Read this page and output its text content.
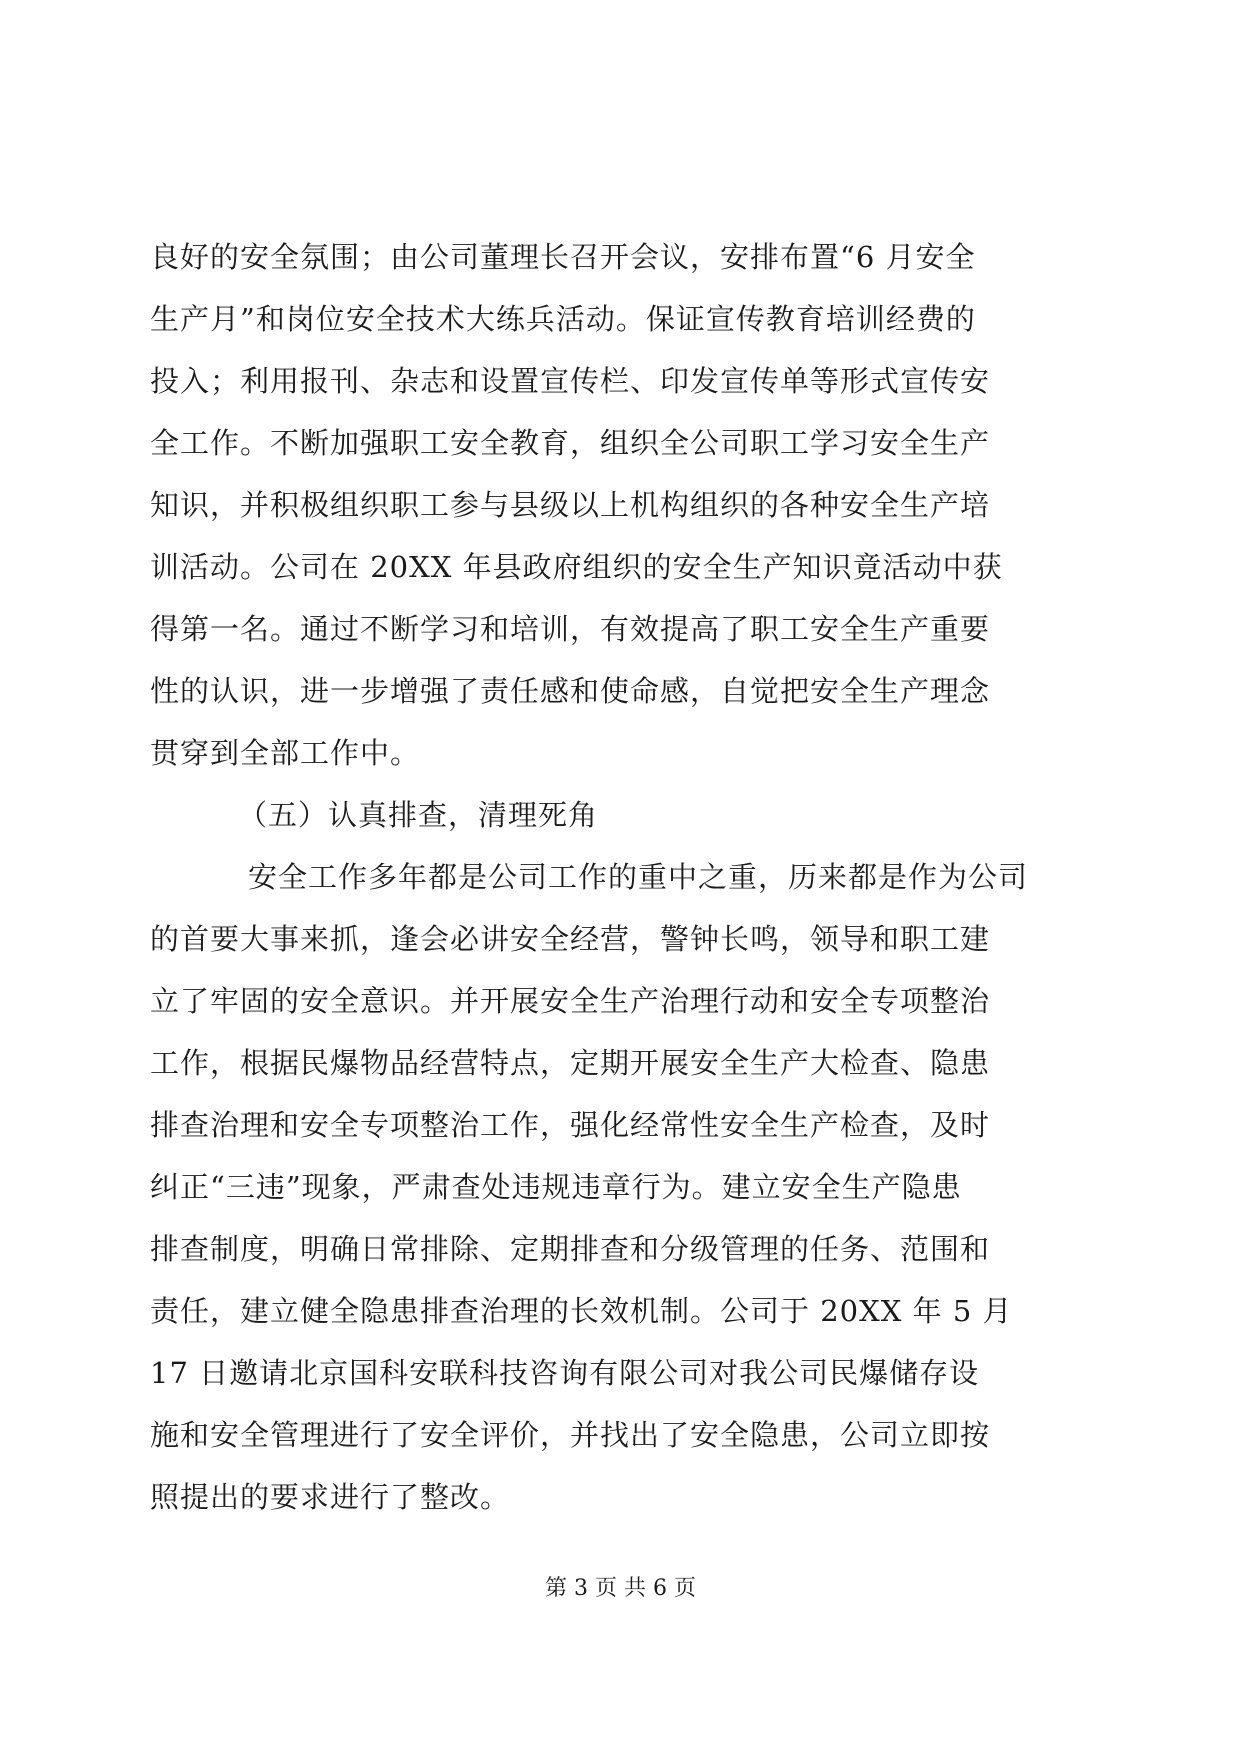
良好的安全氛围；由公司董理长召开会议，安排布置“6 月安全
生产月”和岗位安全技术大练兵活动。保证宣传教育培训经费的
投入；利用报刊、杂志和设置宣传栏、印发宣传单等形式宣传安
全工作。不断加强职工安全教育，组织全公司职工学习安全生产
知识，并积极组织职工参与县级以上机构组织的各种安全生产培
训活动。公司在 20XX 年县政府组织的安全生产知识竟活动中获
得第一名。通过不断学习和培训，有效提高了职工安全生产重要
性的认识，进一步增强了责任感和使命感，自觉把安全生产理念
贯穿到全部工作中。
（五）认真排查，清理死角
安全工作多年都是公司工作的重中之重，历来都是作为公司
的首要大事来抓，逢会必讲安全经营，警钟长鸣，领导和职工建
立了牢固的安全意识。并开展安全生产治理行动和安全专项整治
工作，根据民爆物品经营特点，定期开展安全生产大检查、隐患
排查治理和安全专项整治工作，强化经常性安全生产检查，及时
纠正“三违”现象，严肃查处违规违章行为。建立安全生产隐患
排查制度，明确日常排除、定期排查和分级管理的任务、范围和
责任，建立健全隐患排查治理的长效机制。公司于 20XX 年 5 月
17 日邀请北京国科安联科技咨询有限公司对我公司民爆储存设
施和安全管理进行了安全评价，并找出了安全隐患，公司立即按
照提出的要求进行了整改。
第 3 页 共 6 页
